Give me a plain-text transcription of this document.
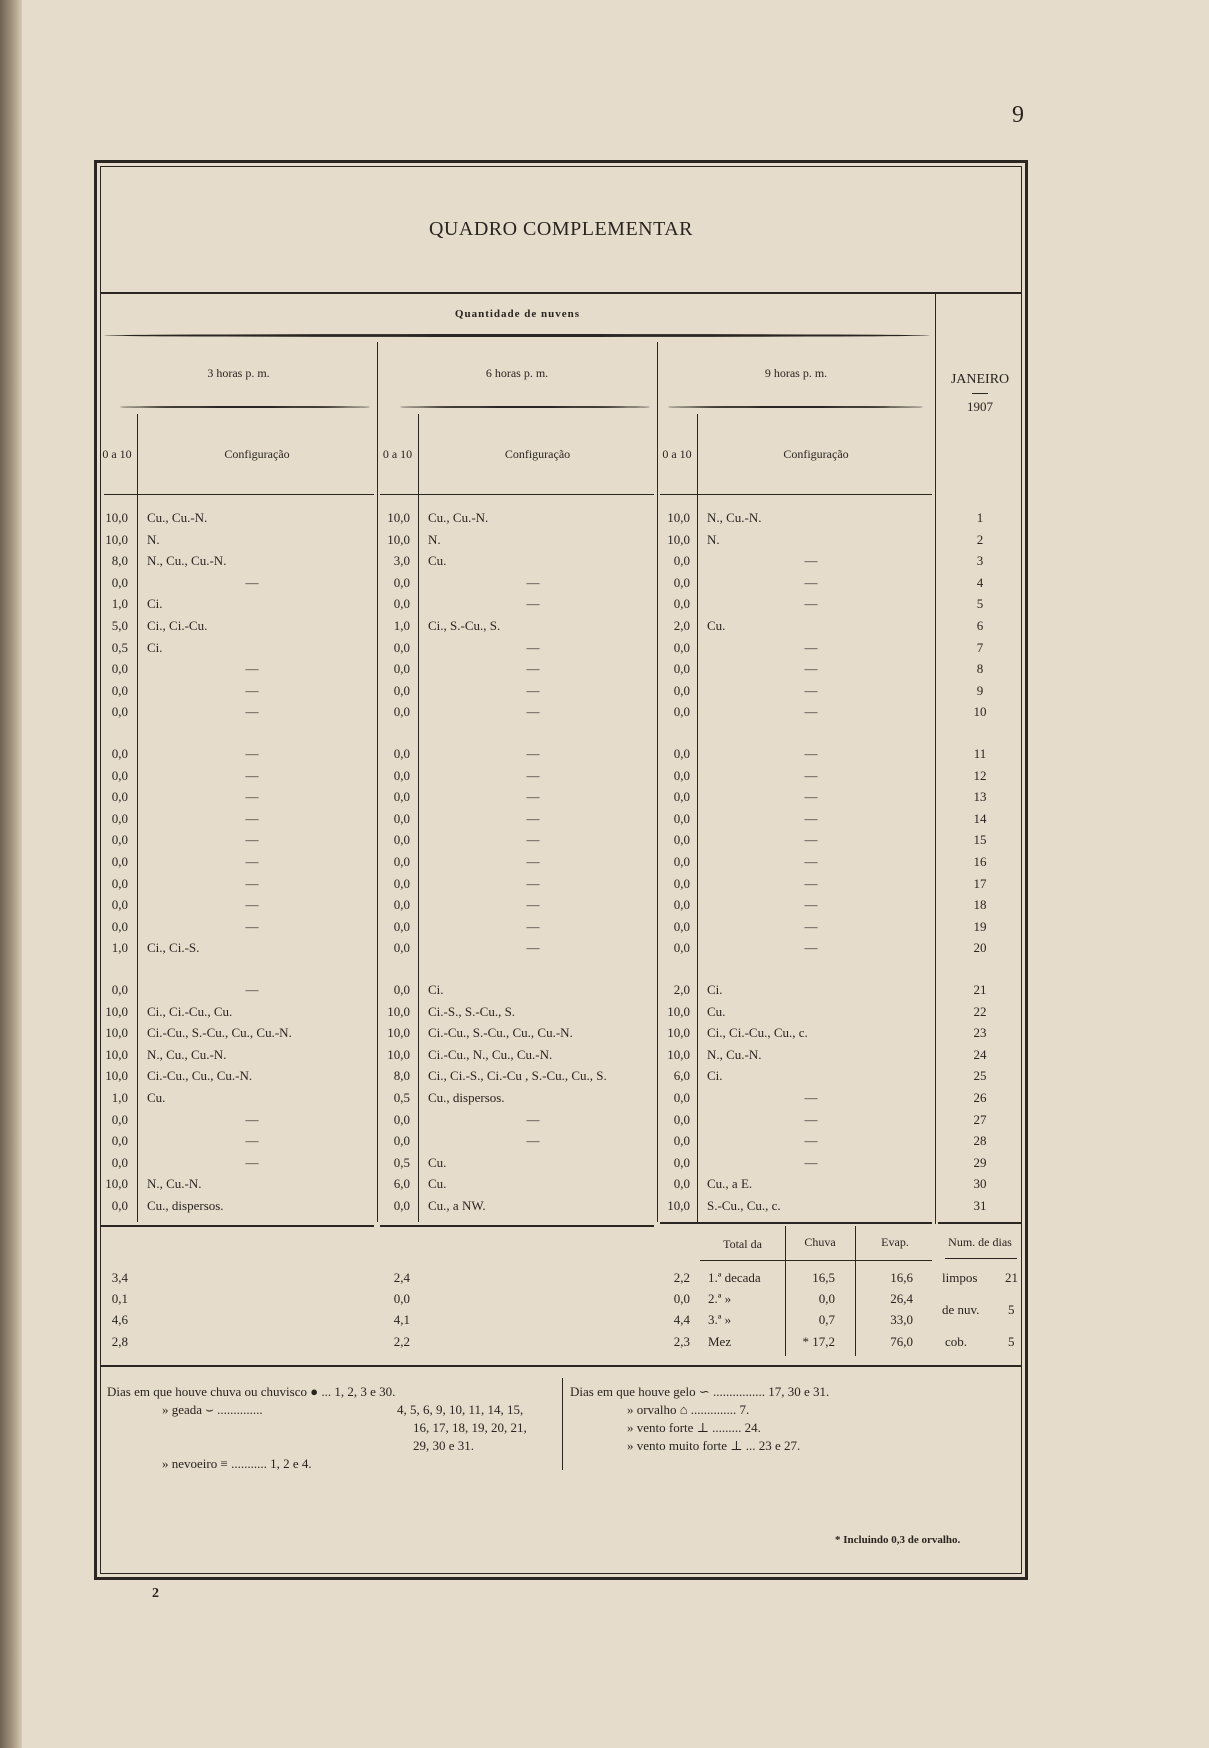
9
QUADRO COMPLEMENTAR
Quantidade de nuvens
3 horas p. m.	6 horas p. m.	9 horas p. m.	JANEIRO
1907
0 a 10	Configuração	0 a 10	Configuração	0 a 10	Configuração
10,0 Cu., Cu.-N.	10,0 Cu., Cu.-N.	10,0 N., Cu.-N.	1
10,0 N.	10,0 N.	10,0 N.	2
8,0 N., Cu., Cu.-N.	3,0 Cu.	0,0	—	3
0,0	—	0,0	—	0,0	—	4
1,0 Ci.	0,0	—	0,0	—	5
5,0 Ci., Ci.-Cu.	1,0 Ci., S.-Cu., S.	2,0 Cu.	6
0,5 Ci.	0,0	—	0,0	—	7
0,0	—	0,0	—	0,0	—	8
0,0	—	0,0	—	0,0	—	9
0,0	—	0,0	—	0,0	—	10
0,0	—	0,0	—	0,0	—	11
0,0	—	0,0	—	0,0	—	12
0,0	—	0,0	—	0,0	—	13
0,0	—	0,0	—	0,0	—	14
0,0	—	0,0	—	0,0	—	15
0,0	—	0,0	—	0,0	—	16
0,0	—	0,0	—	0,0	—	17
0,0	—	0,0	—	0,0	—	18
0,0	—	0,0	—	0,0	—	19
1,0 Ci., Ci.-S.	0,0	—	0,0	—	20
0,0	—	0,0 Ci.	2,0 Ci.	21
10,0 Ci., Ci.-Cu., Cu.	10,0 Ci.-S., S.-Cu., S.	10,0 Cu.	22
10,0 Ci.-Cu., S.-Cu., Cu., Cu.-N.	10,0 Ci.-Cu., S.-Cu., Cu., Cu.-N.	10,0 Ci., Ci.-Cu., Cu., c.	23
10,0 N., Cu., Cu.-N.	10,0 Ci.-Cu., N., Cu., Cu.-N.	10,0 N., Cu.-N.	24
10,0 Ci.-Cu., Cu., Cu.-N.	8,0 Ci., Ci.-S., Ci.-Cu , S.-Cu., Cu., S.	6,0 Ci.	25
1,0 Cu.	0,5 Cu., dispersos.	0,0	—	26
0,0	—	0,0	—	0,0	—	27
0,0	—	0,0	—	0,0	—	28
0,0	—	0,5 Cu.	0,0	—	29
10,0 N., Cu.-N.	6,0 Cu.	0,0 Cu., a E.	30
0,0 Cu., dispersos.	0,0 Cu., a NW.	10,0 S.-Cu., Cu., c.	31
Total da	Chuva	Evap.	Num. de dias
3,4	2,4	2,2 1.ª decada	16,5	16,6
0,1	0,0	0,0 2.ª »	0,0	26,4
4,6	4,1	4,4 3.ª »	0,7	33,0
2,8	2,2	2,3 Mez	* 17,2	76,0
limpos 21
de nuv. 5
cob.	5
Dias em que houve chuva ou chuvisco ● ... 1, 2, 3 e 30.
» geada ⌣ ..............	4, 5, 6, 9, 10, 11, 14, 15,
16, 17, 18, 19, 20, 21,
29, 30 e 31.
» nevoeiro ≡ ........... 1, 2 e 4.
Dias em que houve gelo ∽ ................ 17, 30 e 31.
» orvalho ⌂ .............. 7.
» vento forte ⊥ ......... 24.
» vento muito forte ⊥ ... 23 e 27.
* Incluindo 0,3 de orvalho.
2
